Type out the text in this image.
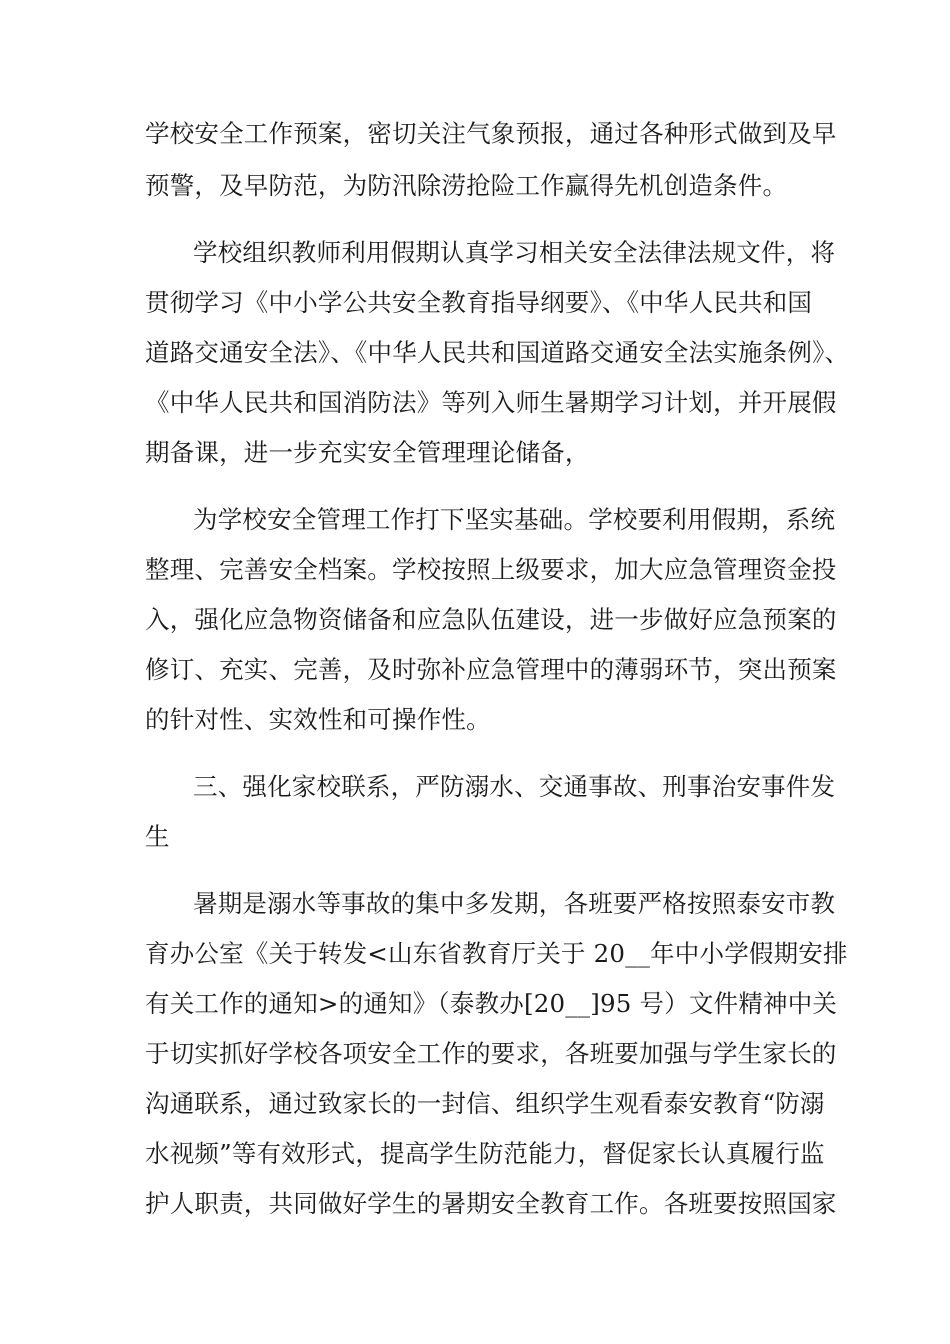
学校安全工作预案，密切关注气象预报，通过各种形式做到及早
预警，及早防范，为防汛除涝抢险工作赢得先机创造条件。
学校组织教师利用假期认真学习相关安全法律法规文件，将
贯彻学习《中小学公共安全教育指导纲要》、《中华人民共和国
道路交通安全法》、《中华人民共和国道路交通安全法实施条例》、
《中华人民共和国消防法》等列入师生暑期学习计划，并开展假
期备课，进一步充实安全管理理论储备，
为学校安全管理工作打下坚实基础。学校要利用假期，系统
整理、完善安全档案。学校按照上级要求，加大应急管理资金投
入，强化应急物资储备和应急队伍建设，进一步做好应急预案的
修订、充实、完善，及时弥补应急管理中的薄弱环节，突出预案
的针对性、实效性和可操作性。
三、强化家校联系，严防溺水、交通事故、刑事治安事件发
生
暑期是溺水等事故的集中多发期，各班要严格按照泰安市教
育办公室《关于转发<山东省教育厅关于 20__年中小学假期安排
有关工作的通知>的通知》（泰教办[20__]95 号）文件精神中关
于切实抓好学校各项安全工作的要求，各班要加强与学生家长的
沟通联系，通过致家长的一封信、组织学生观看泰安教育“防溺
水视频”等有效形式，提高学生防范能力，督促家长认真履行监
护人职责，共同做好学生的暑期安全教育工作。各班要按照国家
